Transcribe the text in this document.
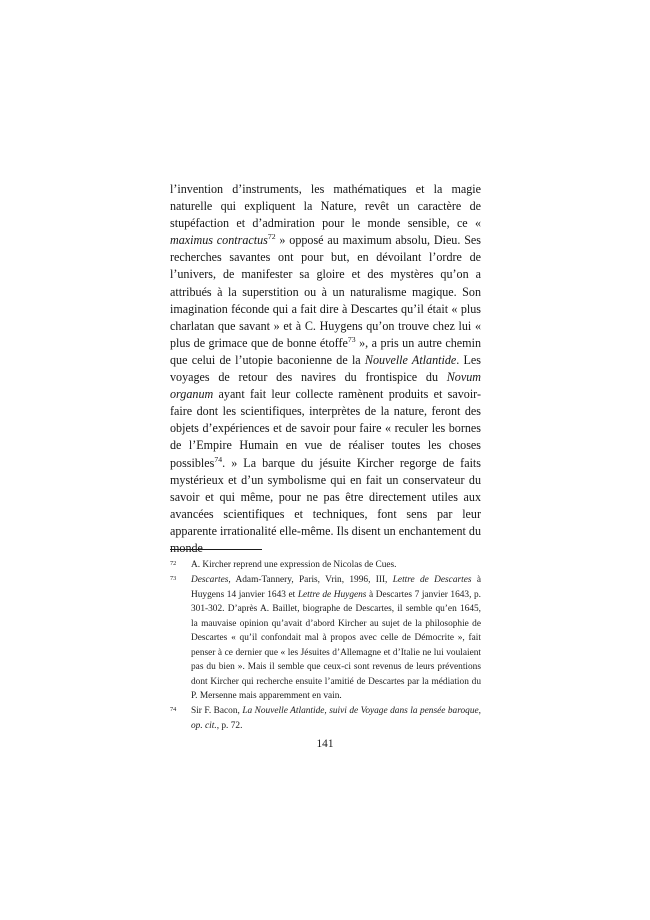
l’invention d’instruments, les mathématiques et la magie naturelle qui expliquent la Nature, revêt un caractère de stupéfaction et d’admiration pour le monde sensible, ce « maximus contractus$^{72}$ » opposé au maximum absolu, Dieu. Ses recherches savantes ont pour but, en dévoilant l’ordre de l’univers, de manifester sa gloire et des mystères qu’on a attribués à la superstition ou à un naturalisme magique. Son imagination féconde qui a fait dire à Descartes qu’il était « plus charlatan que savant » et à C. Huygens qu’on trouve chez lui « plus de grimace que de bonne étoffe$^{73}$ », a pris un autre chemin que celui de l’utopie baconienne de la Nouvelle Atlantide. Les voyages de retour des navires du frontispice du Novum organum ayant fait leur collecte ramènent produits et savoir-faire dont les scientifiques, interprètes de la nature, feront des objets d’expériences et de savoir pour faire « reculer les bornes de l’Empire Humain en vue de réaliser toutes les choses possibles$^{74}$. » La barque du jésuite Kircher regorge de faits mystérieux et d’un symbolisme qui en fait un conservateur du savoir et qui même, pour ne pas être directement utiles aux avancées scientifiques et techniques, font sens par leur apparente irrationalité elle-même. Ils disent un enchantement du monde

72	A. Kircher reprend une expression de Nicolas de Cues.
73	Descartes, Adam-Tannery, Paris, Vrin, 1996, III, Lettre de Descartes à Huygens 14 janvier 1643 et Lettre de Huygens à Descartes 7 janvier 1643, p. 301-302. D’après A. Baillet, biographe de Descartes, il semble qu’en 1645, la mauvaise opinion qu’avait d’abord Kircher au sujet de la philosophie de Descartes « qu’il confondait mal à propos avec celle de Démocrite », fait penser à ce dernier que « les Jésuites d’Allemagne et d’Italie ne lui voulaient pas du bien ». Mais il semble que ceux-ci sont revenus de leurs préventions dont Kircher qui recherche ensuite l’amitié de Descartes par la médiation du P. Mersenne mais apparemment en vain.
74	Sir F. Bacon, La Nouvelle Atlantide, suivi de Voyage dans la pensée baroque, op. cit., p. 72.
141
